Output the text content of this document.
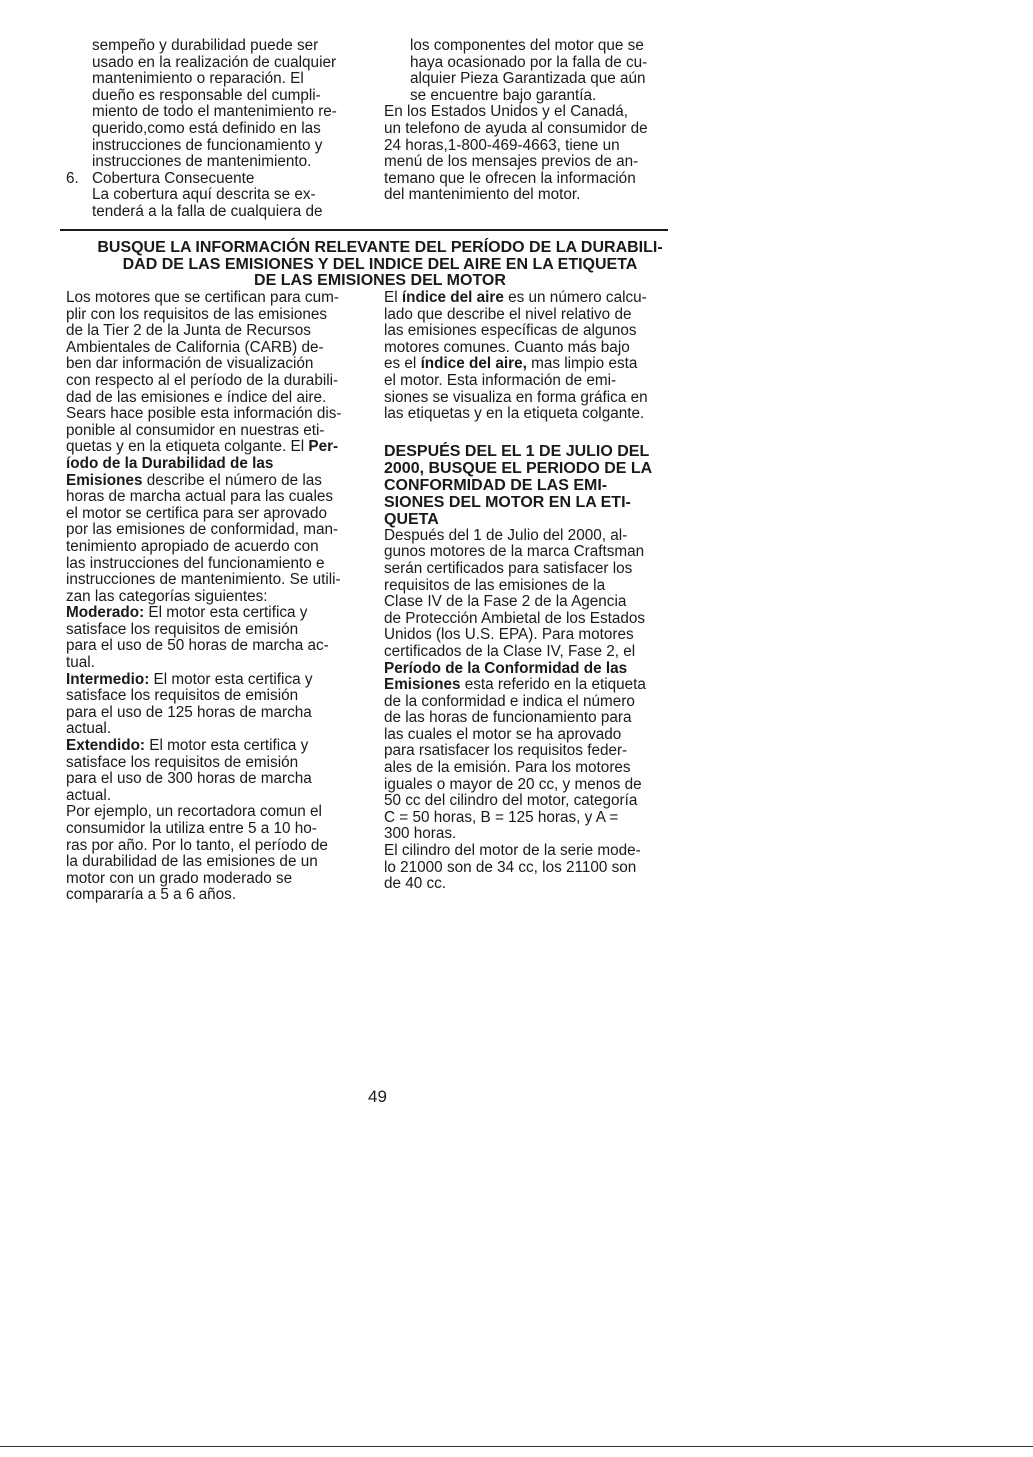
sempeño y durabilidad puede ser
usado en la realización de cualquier
mantenimiento o reparación. El
dueño es responsable del cumpli-
miento de todo el mantenimiento re-
querido,como está definido en las
instrucciones de funcionamiento y
instrucciones de mantenimiento.
6. Cobertura Consecuente
La cobertura aquí descrita se ex-
tenderá a la falla de cualquiera de
los componentes del motor que se
haya ocasionado por la falla de cu-
alquier Pieza Garantizada que aún
se encuentre bajo garantía.
En los Estados Unidos y el Canadá,
un telefono de ayuda al consumidor de
24 horas,1-800-469-4663, tiene un
menú de los mensajes previos de an-
temano que le ofrecen la información
del mantenimiento del motor.
BUSQUE LA INFORMACIÓN RELEVANTE DEL PERÍODO DE LA DURABILI-
DAD DE LAS EMISIONES Y DEL INDICE DEL AIRE EN LA ETIQUETA
DE LAS EMISIONES DEL MOTOR
Los motores que se certifican para cum-
plir con los requisitos de las emisiones
de la Tier 2 de la Junta de Recursos
Ambientales de California (CARB) de-
ben dar información de visualización
con respecto al el período de la durabili-
dad de las emisiones e índice del aire.
Sears hace posible esta información dis-
ponible al consumidor en nuestras eti-
quetas y en la etiqueta colgante. El Per-
íodo de la Durabilidad de las
Emisiones describe el número de las
horas de marcha actual para las cuales
el motor se certifica para ser aprovado
por las emisiones de conformidad, man-
tenimiento apropiado de acuerdo con
las instrucciones del funcionamiento e
instrucciones de mantenimiento. Se utili-
zan las categorías siguientes:
Moderado: El motor esta certifica y
satisface los requisitos de emisión
para el uso de 50 horas de marcha ac-
tual.
Intermedio: El motor esta certifica y
satisface los requisitos de emisión
para el uso de 125 horas de marcha
actual.
Extendido: El motor esta certifica y
satisface los requisitos de emisión
para el uso de 300 horas de marcha
actual.
Por ejemplo, un recortadora comun el
consumidor la utiliza entre 5 a 10 ho-
ras por año. Por lo tanto, el período de
la durabilidad de las emisiones de un
motor con un grado moderado se
compararía a 5 a 6 años.
El índice del aire es un número calcu-
lado que describe el nivel relativo de
las emisiones específicas de algunos
motores comunes. Cuanto más bajo
es el índice del aire, mas limpio esta
el motor. Esta información de emi-
siones se visualiza en forma gráfica en
las etiquetas y en la etiqueta colgante.
DESPUÉS DEL EL 1 DE JULIO DEL
2000, BUSQUE EL PERIODO DE LA
CONFORMIDAD DE LAS EMI-
SIONES DEL MOTOR EN LA ETI-
QUETA
Después del 1 de Julio del 2000, al-
gunos motores de la marca Craftsman
serán certificados para satisfacer los
requisitos de las emisiones de la
Clase IV de la Fase 2 de la Agencia
de Protección Ambietal de los Estados
Unidos (los U.S. EPA). Para motores
certificados de la Clase IV, Fase 2, el
Período de la Conformidad de las
Emisiones esta referido en la etiqueta
de la conformidad e indica el número
de las horas de funcionamiento para
las cuales el motor se ha aprovado
para rsatisfacer los requisitos feder-
ales de la emisión. Para los motores
iguales o mayor de 20 cc, y menos de
50 cc del cilindro del motor, categoría
C = 50 horas, B = 125 horas, y A =
300 horas.
El cilindro del motor de la serie mode-
lo 21000 son de 34 cc, los 21100 son
de 40 cc.
49
